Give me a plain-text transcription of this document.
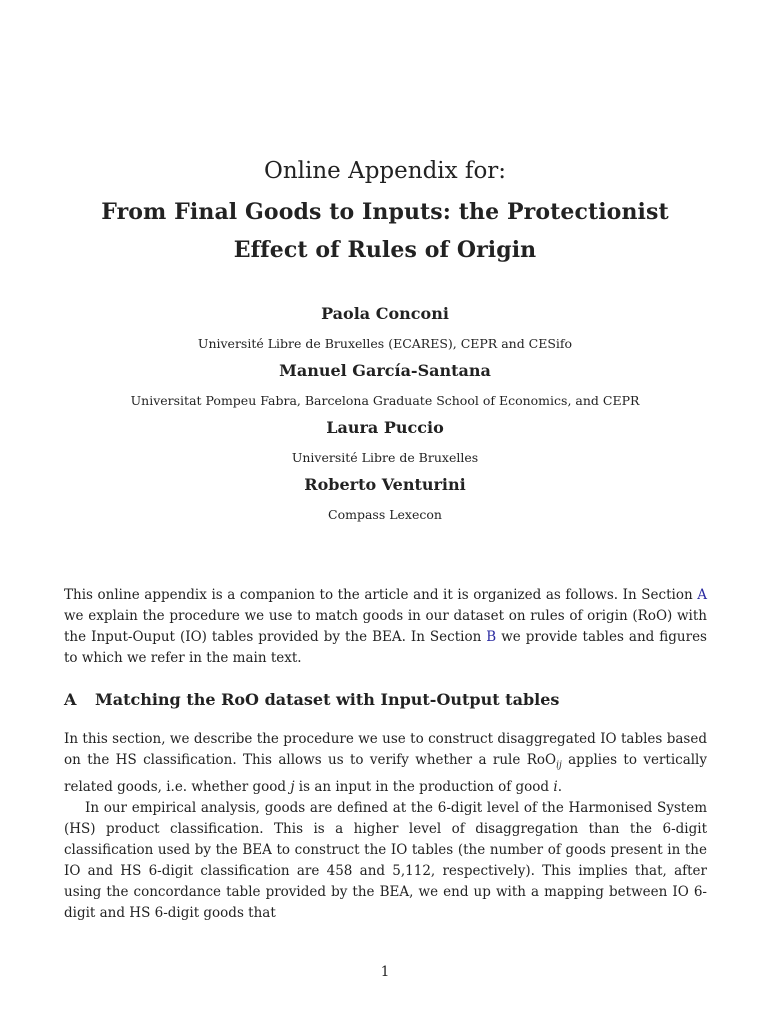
Online Appendix for:
From Final Goods to Inputs: the Protectionist
Effect of Rules of Origin
Paola Conconi
Université Libre de Bruxelles (ECARES), CEPR and CESifo
Manuel García-Santana
Universitat Pompeu Fabra, Barcelona Graduate School of Economics, and CEPR
Laura Puccio
Université Libre de Bruxelles
Roberto Venturini
Compass Lexecon
This online appendix is a companion to the article and it is organized as follows. In Section A we explain the procedure we use to match goods in our dataset on rules of origin (RoO) with the Input-Ouput (IO) tables provided by the BEA. In Section B we provide tables and figures to which we refer in the main text.
A Matching the RoO dataset with Input-Output tables

In this section, we describe the procedure we use to construct disaggregated IO tables based on the HS classification. This allows us to verify whether a rule RoO$_{ij}$ applies to vertically related goods, i.e. whether good j is an input in the production of good i.

In our empirical analysis, goods are defined at the 6-digit level of the Harmonised System (HS) product classification. This is a higher level of disaggregation than the 6-digit classification used by the BEA to construct the IO tables (the number of goods present in the IO and HS 6-digit classification are 458 and 5,112, respectively). This implies that, after using the concordance table provided by the BEA, we end up with a mapping between IO 6-digit and HS 6-digit goods that

1
